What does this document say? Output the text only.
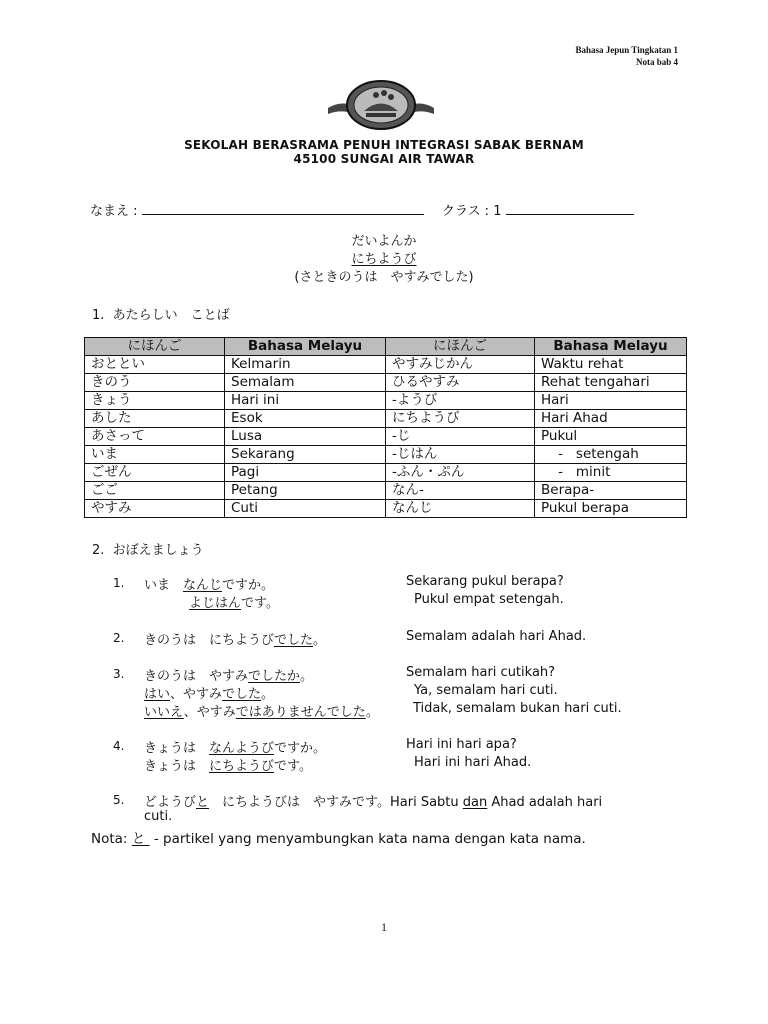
Bahasa Jepun Tingkatan 1
Nota bab 4
SEKOLAH BERASRAMA PENUH INTEGRASI SABAK BERNAM
45100 SUNGAI AIR TAWAR
なまえ :	クラス : 1
だいよんか
にちようび
(さときのうは　やすみでした)
1.  あたらしい　ことば
にほんご	Bahasa Melayu	にほんご	Bahasa Melayu
おととい	Kelmarin	やすみじかん	Waktu rehat
きのう	Semalam	ひるやすみ	Rehat tengahari
きょう	Hari ini	-ようび	Hari
あした	Esok	にちようび	Hari Ahad
あさって	Lusa	-じ	Pukul
いま	Sekarang	-じはん	-   setengah
ごぜん	Pagi	-ふん・ぷん	-   minit
ごご	Petang	なん-	Berapa-
やすみ	Cuti	なんじ	Pukul berapa
2.  おぼえましょう
1. いま　なんじですか。	Sekarang pukul berapa?
よじはんです。	Pukul empat setengah.
2. きのうは　にちようびでした。	Semalam adalah hari Ahad.
3. きのうは　やすみでしたか。	Semalam hari cutikah?
はい、やすみでした。	Ya, semalam hari cuti.
いいえ、やすみではありませんでした。	Tidak, semalam bukan hari cuti.
4. きょうは　なんようびですか。	Hari ini hari apa?
きょうは　にちようびです。	Hari ini hari Ahad.
5. どようびと　にちようびは　やすみです。Hari Sabtu dan Ahad adalah hari
cuti.
Nota: と  - partikel yang menyambungkan kata nama dengan kata nama.
1
